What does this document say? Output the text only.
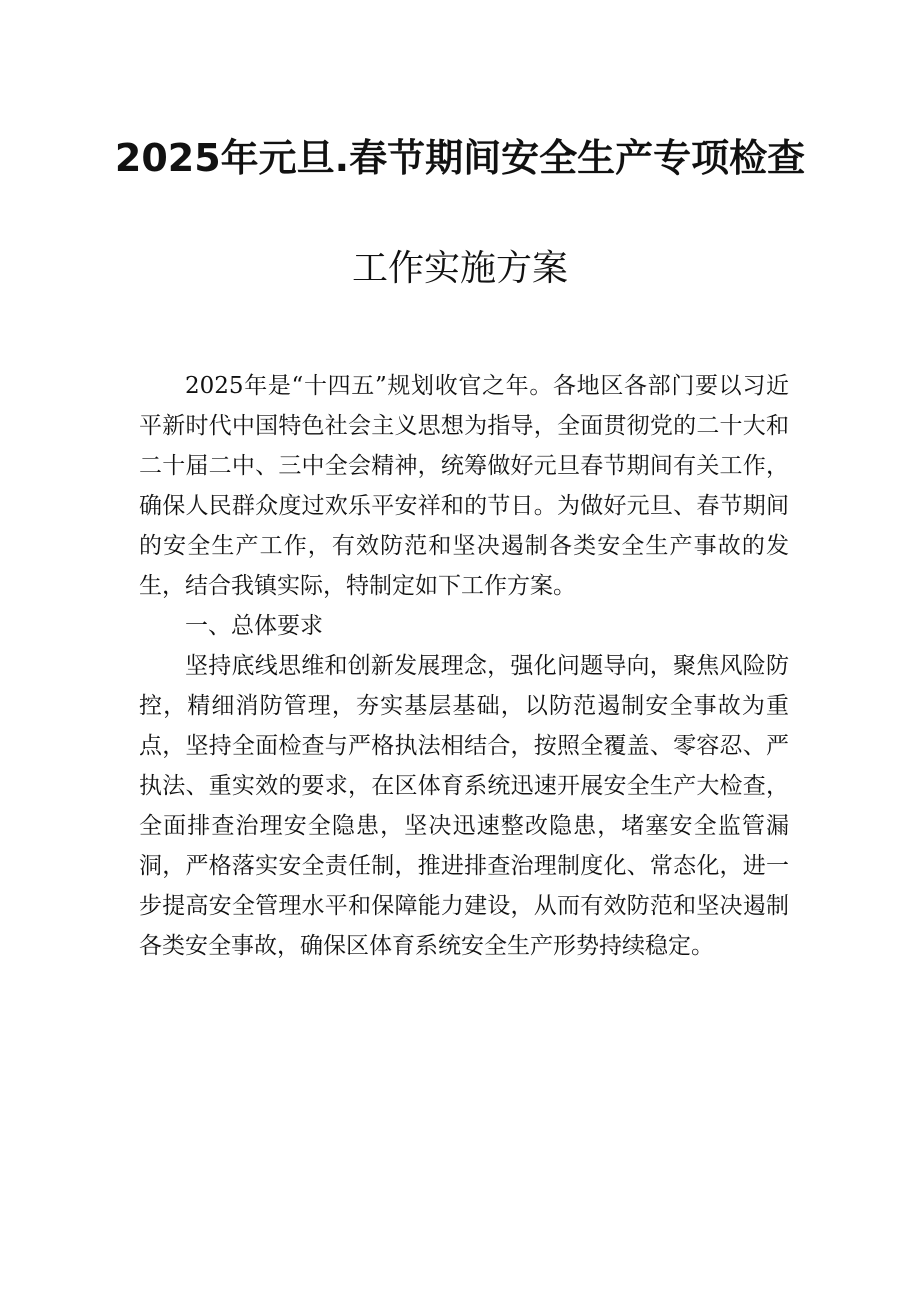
2025年元旦.春节期间安全生产专项检查
工作实施方案

2025年是“十四五”规划收官之年。各地区各部门要以习近平新时代中国特色社会主义思想为指导，全面贯彻党的二十大和二十届二中、三中全会精神，统筹做好元旦春节期间有关工作，确保人民群众度过欢乐平安祥和的节日。为做好元旦、春节期间的安全生产工作，有效防范和坚决遏制各类安全生产事故的发生，结合我镇实际，特制定如下工作方案。

一、总体要求

坚持底线思维和创新发展理念，强化问题导向，聚焦风险防控，精细消防管理，夯实基层基础，以防范遏制安全事故为重点，坚持全面检查与严格执法相结合，按照全覆盖、零容忍、严执法、重实效的要求，在区体育系统迅速开展安全生产大检查，全面排查治理安全隐患，坚决迅速整改隐患，堵塞安全监管漏洞，严格落实安全责任制，推进排查治理制度化、常态化，进一步提高安全管理水平和保障能力建设，从而有效防范和坚决遏制各类安全事故，确保区体育系统安全生产形势持续稳定。
